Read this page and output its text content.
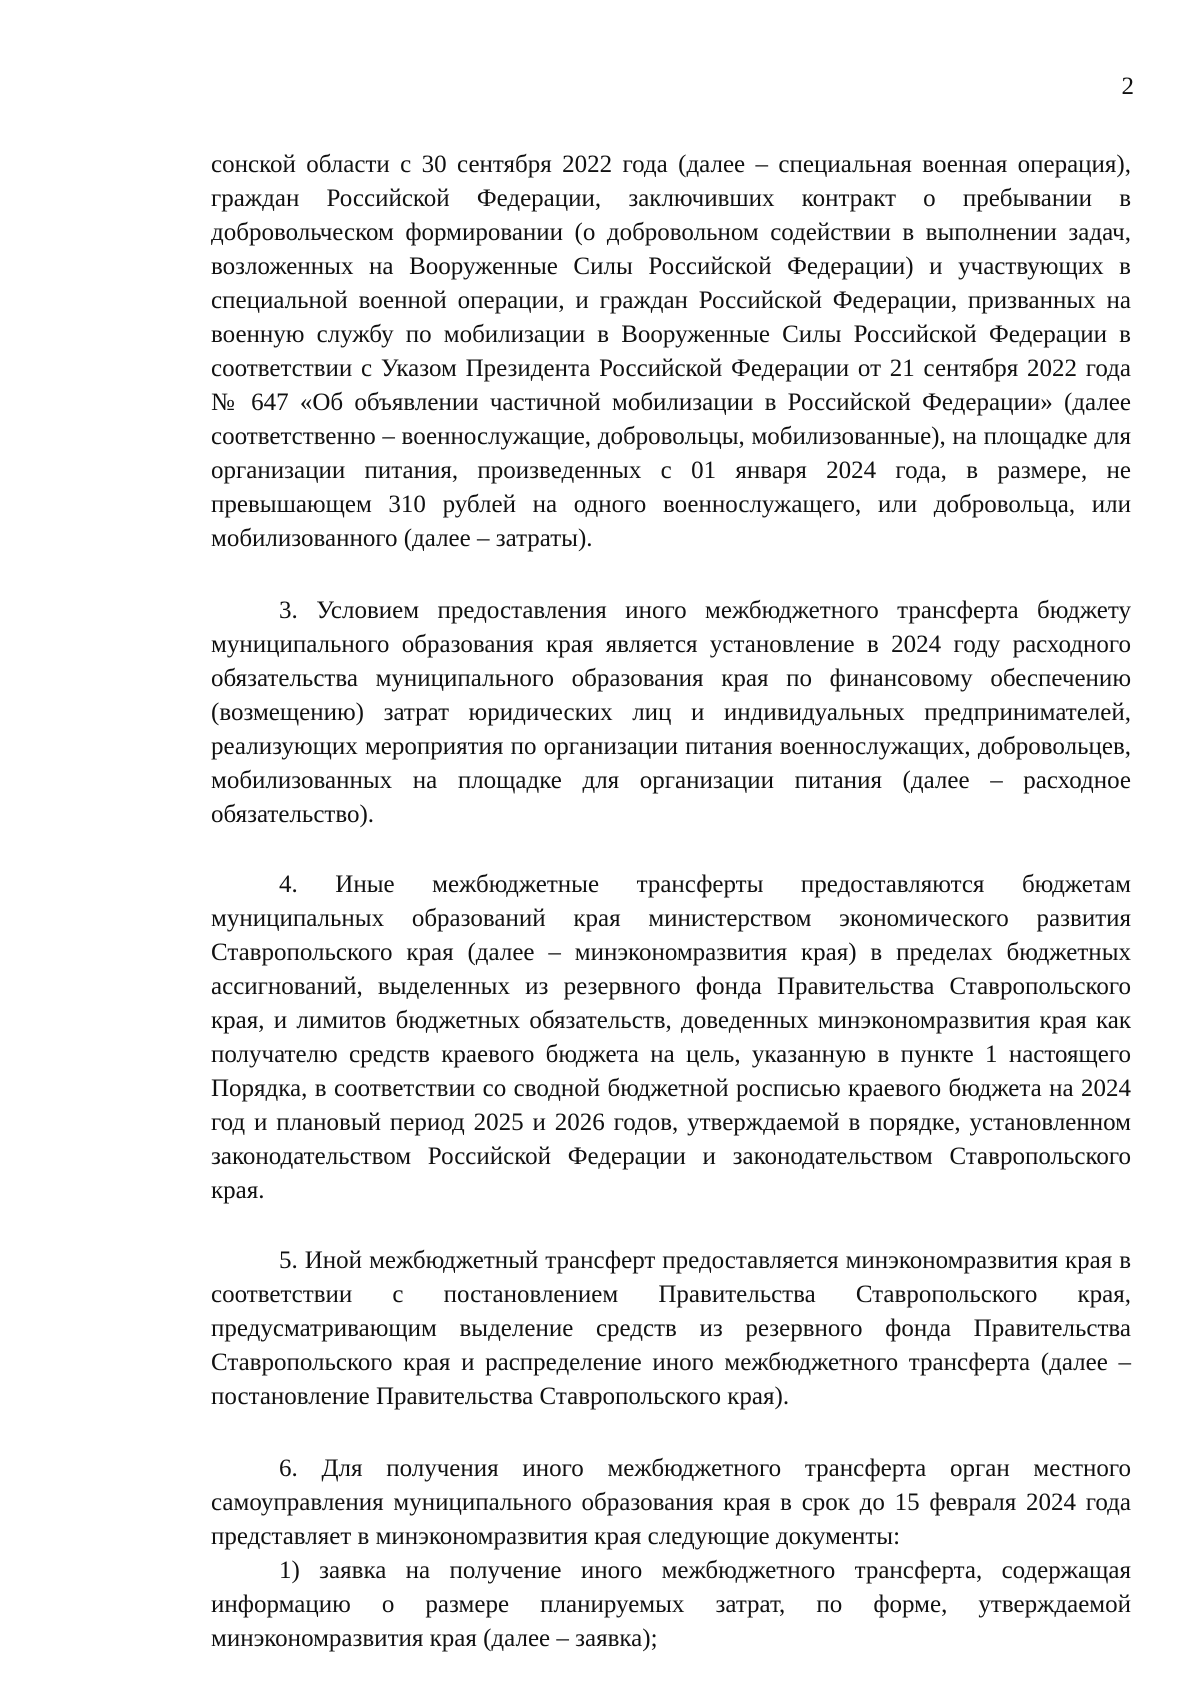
2

сонской области с 30 сентября 2022 года (далее – специальная военная операция), граждан Российской Федерации, заключивших контракт о пребывании в добровольческом формировании (о добровольном содействии в выполнении задач, возложенных на Вооруженные Силы Российской Федерации) и участвующих в специальной военной операции, и граждан Российской Федерации, призванных на военную службу по мобилизации в Вооруженные Силы Российской Федерации в соответствии с Указом Президента Российской Федерации от 21 сентября 2022 года № 647 «Об объявлении частичной мобилизации в Российской Федерации» (далее соответственно – военнослужащие, добровольцы, мобилизованные), на площадке для организации питания, произведенных с 01 января 2024 года, в размере, не превышающем 310 рублей на одного военнослужащего, или добровольца, или мобилизованного (далее – затраты).

3. Условием предоставления иного межбюджетного трансферта бюджету муниципального образования края является установление в 2024 году расходного обязательства муниципального образования края по финансовому обеспечению (возмещению) затрат юридических лиц и индивидуальных предпринимателей, реализующих мероприятия по организации питания военнослужащих, добровольцев, мобилизованных на площадке для организации питания (далее – расходное обязательство).

4. Иные межбюджетные трансферты предоставляются бюджетам муниципальных образований края министерством экономического развития Ставропольского края (далее – минэкономразвития края) в пределах бюджетных ассигнований, выделенных из резервного фонда Правительства Ставропольского края, и лимитов бюджетных обязательств, доведенных минэкономразвития края как получателю средств краевого бюджета на цель, указанную в пункте 1 настоящего Порядка, в соответствии со сводной бюджетной росписью краевого бюджета на 2024 год и плановый период 2025 и 2026 годов, утверждаемой в порядке, установленном законодательством Российской Федерации и законодательством Ставропольского края.

5. Иной межбюджетный трансферт предоставляется минэкономразвития края в соответствии с постановлением Правительства Ставропольского края, предусматривающим выделение средств из резервного фонда Правительства Ставропольского края и распределение иного межбюджетного трансферта (далее – постановление Правительства Ставропольского края).

6. Для получения иного межбюджетного трансферта орган местного самоуправления муниципального образования края в срок до 15 февраля 2024 года представляет в минэкономразвития края следующие документы:

1) заявка на получение иного межбюджетного трансферта, содержащая информацию о размере планируемых затрат, по форме, утверждаемой минэкономразвития края (далее – заявка);
